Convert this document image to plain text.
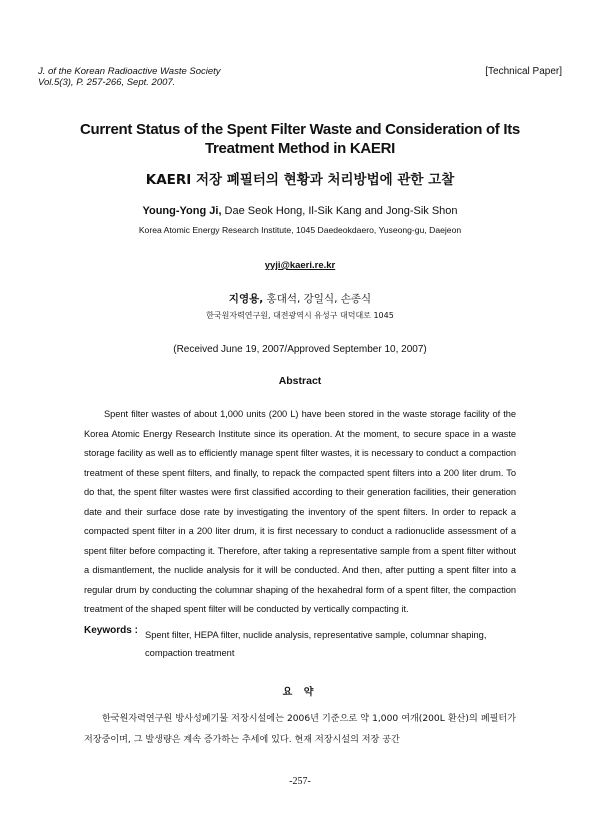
J. of the Korean Radioactive Waste Society
Vol.5(3), P. 257-266, Sept. 2007.
[Technical Paper]
Current Status of the Spent Filter Waste and Consideration of Its
Treatment Method in KAERI
KAERI 저장 폐필터의 현황과 처리방법에 관한 고찰
Young-Yong Ji, Dae Seok Hong, Il-Sik Kang and Jong-Sik Shon
Korea Atomic Energy Research Institute, 1045 Daedeokdaero, Yuseong-gu, Daejeon
yyji@kaeri.re.kr
지영용, 홍대석, 강일식, 손종식
한국원자력연구원, 대전광역시 유성구 대덕대로 1045
(Received June 19, 2007/Approved September 10, 2007)
Abstract

Spent filter wastes of about 1,000 units (200 L) have been stored in the waste storage facility of the Korea Atomic Energy Research Institute since its operation. At the moment, to secure space in a waste storage facility as well as to efficiently manage spent filter wastes, it is necessary to conduct a compaction treatment of these spent filters, and finally, to repack the compacted spent filters into a 200 liter drum. To do that, the spent filter wastes were first classified according to their generation facilities, their generation date and their surface dose rate by investigating the inventory of the spent filters. In order to repack a compacted spent filter in a 200 liter drum, it is first necessary to conduct a radionuclide assessment of a spent filter before compacting it. Therefore, after taking a representative sample from a spent filter without a dismantlement, the nuclide analysis for it will be conducted. And then, after putting a spent filter into a regular drum by conducting the columnar shaping of the hexahedral form of a spent filter, the compaction treatment of the shaped spent filter will be conducted by vertically compacting it.

Keywords : Spent filter, HEPA filter, nuclide analysis, representative sample, columnar shaping, compaction treatment
요 약

한국원자력연구원 방사성폐기물 저장시설에는 2006년 기준으로 약 1,000 여개(200L 환산)의 폐필터가 저장중이며, 그 발생량은 계속 증가하는 추세에 있다. 현재 저장시설의 저장 공간

-257-
